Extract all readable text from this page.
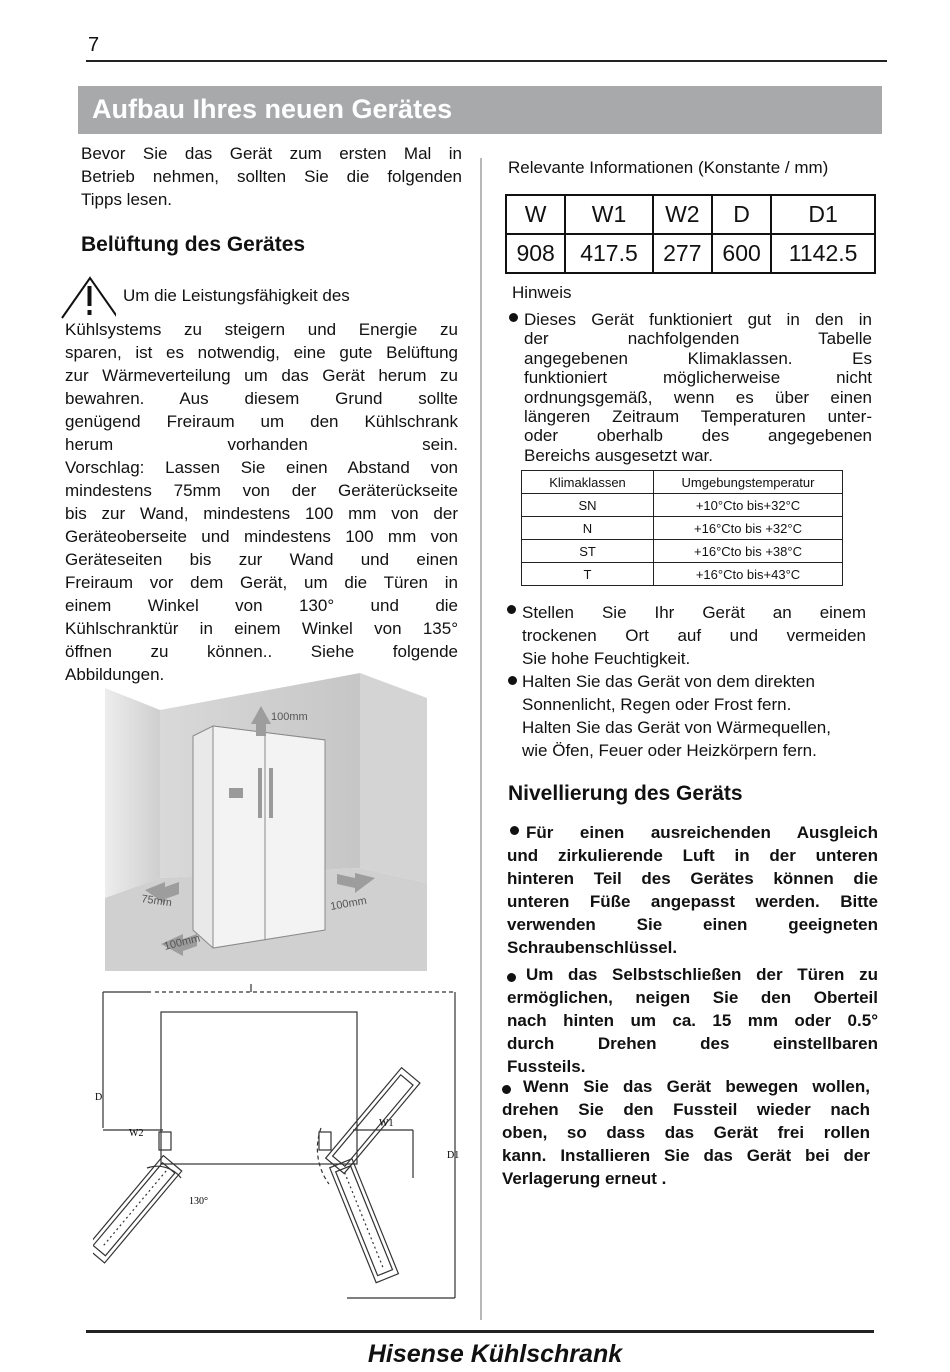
7
Aufbau Ihres neuen Gerätes
Bevor Sie das Gerät zum ersten Mal in
Betrieb nehmen, sollten Sie die folgenden
Tipps lesen.
Belüftung des Gerätes
Um die Leistungsfähigkeit des
Kühlsystems zu steigern und Energie zu
sparen, ist es notwendig, eine gute Belüftung
zur Wärmeverteilung um das Gerät herum zu
bewahren. Aus diesem Grund sollte
genügend Freiraum um den Kühlschrank
herum vorhanden sein.
Vorschlag: Lassen Sie einen Abstand von
mindestens 75mm von der Geräterückseite
bis zur Wand, mindestens 100 mm von der
Geräteoberseite und mindestens 100 mm von
Geräteseiten bis zur Wand und einen
Freiraum vor dem Gerät, um die Türen in
einem Winkel von 130° und die
Kühlschranktür in einem Winkel von 135°
öffnen zu können.. Siehe folgende
Abbildungen.
100mm
75mm	100mm
100mm
D
W2
W1
D1
130°
Relevante Informationen (Konstante / mm)
W	W1	W2	D	D1
908	417.5	277	600	1142.5
Hinweis
Dieses Gerät funktioniert gut in den in
der nachfolgenden Tabelle
angegebenen Klimaklassen. Es
funktioniert möglicherweise nicht
ordnungsgemäß, wenn es über einen
längeren Zeitraum Temperaturen unter-
oder oberhalb des angegebenen
Bereichs ausgesetzt war.
Klimaklassen	Umgebungstemperatur
SN	+10°Cto bis+32°C
N	+16°Cto bis +32°C
ST	+16°Cto bis +38°C
T	+16°Cto bis+43°C
Stellen Sie Ihr Gerät an einem
trockenen Ort auf und vermeiden
Sie hohe Feuchtigkeit.
Halten Sie das Gerät von dem direkten
Sonnenlicht, Regen oder Frost fern.
Halten Sie das Gerät von Wärmequellen,
wie Öfen, Feuer oder Heizkörpern fern.
Nivellierung des Geräts
Für einen ausreichenden Ausgleich
und zirkulierende Luft in der unteren
hinteren Teil des Gerätes können die
unteren Füße angepasst werden. Bitte
verwenden Sie einen geeigneten
Schraubenschlüssel.
Um das Selbstschließen der Türen zu
ermöglichen, neigen Sie den Oberteil
nach hinten um ca. 15 mm oder 0.5°
durch Drehen des einstellbaren
Fussteils.
Wenn Sie das Gerät bewegen wollen,
drehen Sie den Fussteil wieder nach
oben, so dass das Gerät frei rollen
kann. Installieren Sie das Gerät bei der
Verlagerung erneut .
Hisense Kühlschrank
